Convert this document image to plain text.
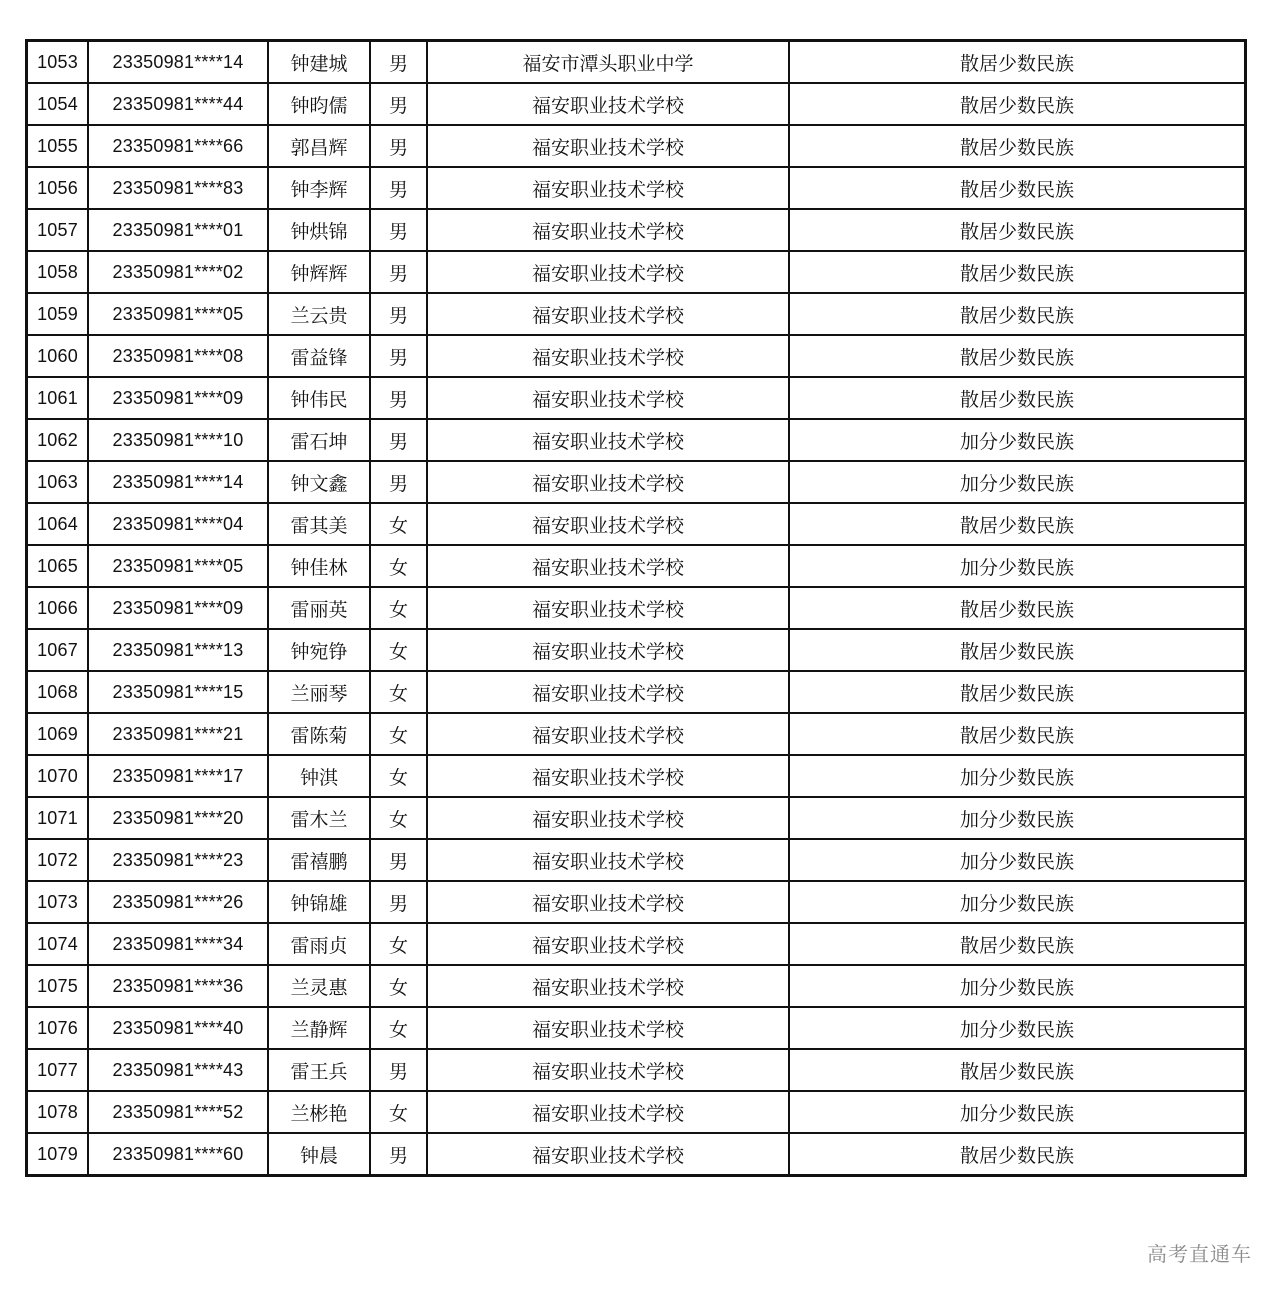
1053	23350981****14	钟建城	男	福安市潭头职业中学	散居少数民族
1054	23350981****44	钟昀儒	男	福安职业技术学校	散居少数民族
1055	23350981****66	郭昌辉	男	福安职业技术学校	散居少数民族
1056	23350981****83	钟李辉	男	福安职业技术学校	散居少数民族
1057	23350981****01	钟烘锦	男	福安职业技术学校	散居少数民族
1058	23350981****02	钟辉辉	男	福安职业技术学校	散居少数民族
1059	23350981****05	兰云贵	男	福安职业技术学校	散居少数民族
1060	23350981****08	雷益锋	男	福安职业技术学校	散居少数民族
1061	23350981****09	钟伟民	男	福安职业技术学校	散居少数民族
1062	23350981****10	雷石坤	男	福安职业技术学校	加分少数民族
1063	23350981****14	钟文鑫	男	福安职业技术学校	加分少数民族
1064	23350981****04	雷其美	女	福安职业技术学校	散居少数民族
1065	23350981****05	钟佳林	女	福安职业技术学校	加分少数民族
1066	23350981****09	雷丽英	女	福安职业技术学校	散居少数民族
1067	23350981****13	钟宛铮	女	福安职业技术学校	散居少数民族
1068	23350981****15	兰丽琴	女	福安职业技术学校	散居少数民族
1069	23350981****21	雷陈菊	女	福安职业技术学校	散居少数民族
1070	23350981****17	钟淇	女	福安职业技术学校	加分少数民族
1071	23350981****20	雷木兰	女	福安职业技术学校	加分少数民族
1072	23350981****23	雷禧鹏	男	福安职业技术学校	加分少数民族
1073	23350981****26	钟锦雄	男	福安职业技术学校	加分少数民族
1074	23350981****34	雷雨贞	女	福安职业技术学校	散居少数民族
1075	23350981****36	兰灵惠	女	福安职业技术学校	加分少数民族
1076	23350981****40	兰静辉	女	福安职业技术学校	加分少数民族
1077	23350981****43	雷王兵	男	福安职业技术学校	散居少数民族
1078	23350981****52	兰彬艳	女	福安职业技术学校	加分少数民族
1079	23350981****60	钟晨	男	福安职业技术学校	散居少数民族
高考直通车
